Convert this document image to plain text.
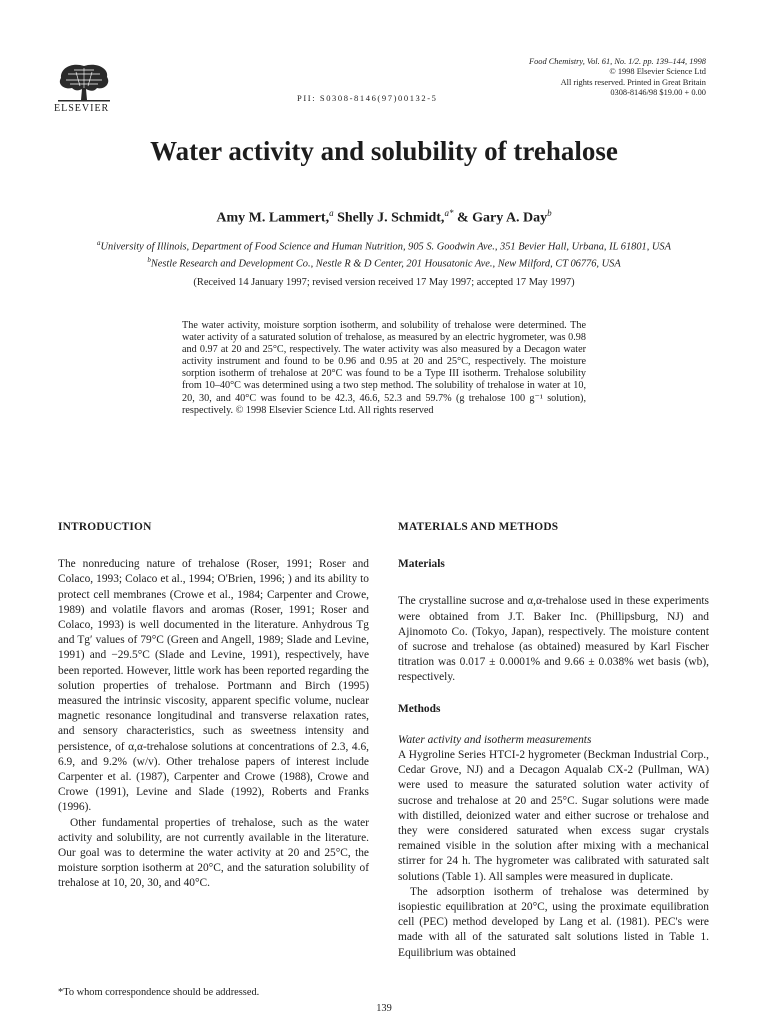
ELSEVIER
PII: S0308-8146(97)00132-5
Food Chemistry, Vol. 61, No. 1/2. pp. 139–144, 1998
© 1998 Elsevier Science Ltd
All rights reserved. Printed in Great Britain
0308-8146/98 $19.00 + 0.00
Water activity and solubility of trehalose
Amy M. Lammert,$^a$ Shelly J. Schmidt,$^{a*}$ & Gary A. Day$^b$
$^a$University of Illinois, Department of Food Science and Human Nutrition, 905 S. Goodwin Ave., 351 Bevier Hall, Urbana, IL 61801, USA
$^b$Nestle Research and Development Co., Nestle R & D Center, 201 Housatonic Ave., New Milford, CT 06776, USA
(Received 14 January 1997; revised version received 17 May 1997; accepted 17 May 1997)
The water activity, moisture sorption isotherm, and solubility of trehalose were determined. The water activity of a saturated solution of trehalose, as measured by an electric hygrometer, was 0.98 and 0.97 at 20 and 25°C, respectively. The water activity was also measured by a Decagon water activity instrument and found to be 0.96 and 0.95 at 20 and 25°C, respectively. The moisture sorption isotherm of trehalose at 20°C was found to be a Type III isotherm. Trehalose solubility from 10–40°C was determined using a two step method. The solubility of trehalose in water at 10, 20, 30, and 40°C was found to be 42.3, 46.6, 52.3 and 59.7% (g trehalose 100 g⁻¹ solution), respectively. © 1998 Elsevier Science Ltd. All rights reserved
INTRODUCTION

The nonreducing nature of trehalose (Roser, 1991; Roser and Colaco, 1993; Colaco et al., 1994; O'Brien, 1996; ) and its ability to protect cell membranes (Crowe et al., 1984; Carpenter and Crowe, 1989) and volatile flavors and aromas (Roser, 1991; Roser and Colaco, 1993) is well documented in the literature. Anhydrous Tg and Tg′ values of 79°C (Green and Angell, 1989; Slade and Levine, 1991) and −29.5°C (Slade and Levine, 1991), respectively, have been reported. However, little work has been reported regarding the solution properties of trehalose. Portmann and Birch (1995) measured the intrinsic viscosity, apparent specific volume, nuclear magnetic resonance longitudinal and transverse relaxation rates, and sensory characteristics, such as sweetness intensity and persistence, of α,α-trehalose solutions at concentrations of 2.3, 4.6, 6.9, and 9.2% (w/v). Other trehalose papers of interest include Carpenter et al. (1987), Carpenter and Crowe (1988), Crowe and Crowe (1991), Levine and Slade (1992), Roberts and Franks (1996).

Other fundamental properties of trehalose, such as the water activity and solubility, are not currently available in the literature. Our goal was to determine the water activity at 20 and 25°C, the moisture sorption isotherm at 20°C, and the saturation solubility of trehalose at 10, 20, 30, and 40°C.

MATERIALS AND METHODS
Materials

The crystalline sucrose and α,α-trehalose used in these experiments were obtained from J.T. Baker Inc. (Phillipsburg, NJ) and Ajinomoto Co. (Tokyo, Japan), respectively. The moisture content of sucrose and trehalose (as obtained) measured by Karl Fischer titration was 0.017 ± 0.0001% and 9.66 ± 0.038% wet basis (wb), respectively.

Methods
Water activity and isotherm measurements

A Hygroline Series HTCI-2 hygrometer (Beckman Industrial Corp., Cedar Grove, NJ) and a Decagon Aqualab CX-2 (Pullman, WA) were used to measure the saturated solution water activity of sucrose and trehalose at 20 and 25°C. Sugar solutions were made with distilled, deionized water and either sucrose or trehalose and they were considered saturated when excess sugar crystals remained visible in the solution after mixing with a mechanical stirrer for 24 h. The hygrometer was calibrated with saturated salt solutions (Table 1). All samples were measured in duplicate.

The adsorption isotherm of trehalose was determined by isopiestic equilibration at 20°C, using the proximate equilibration cell (PEC) method developed by Lang et al. (1981). PEC's were made with all of the saturated salt solutions listed in Table 1. Equilibrium was obtained

*To whom correspondence should be addressed.
139
